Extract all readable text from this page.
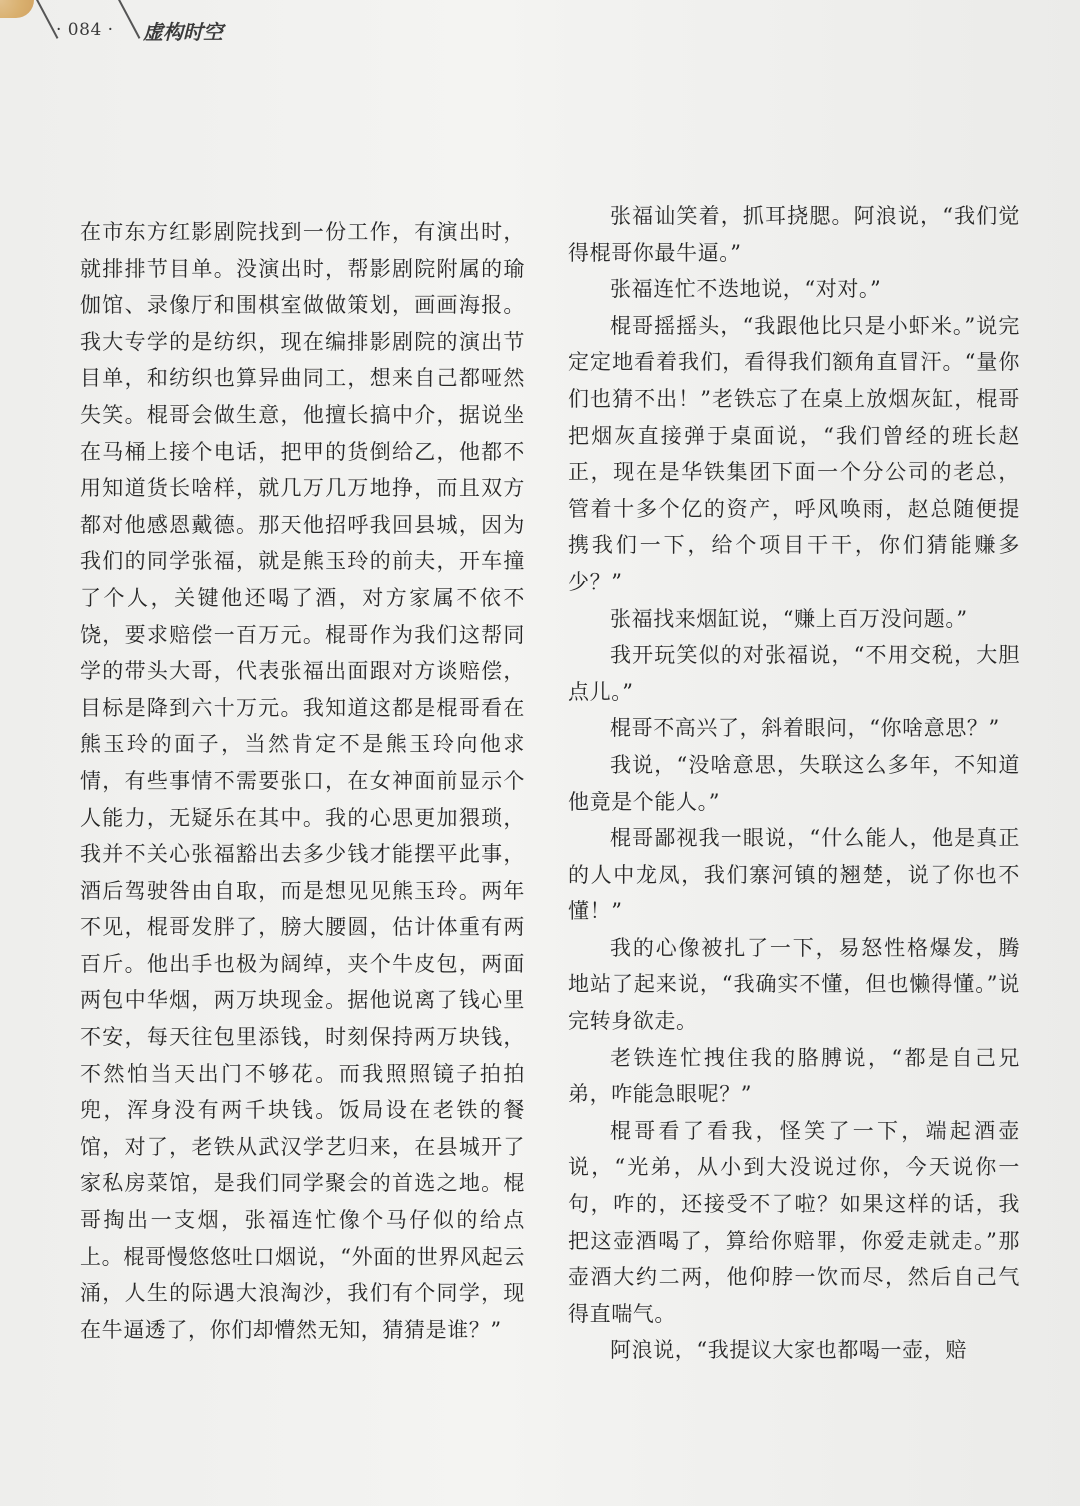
· 084 · 虚构时空

在市东方红影剧院找到一份工作，有演出时，就排排节目单。没演出时，帮影剧院附属的瑜伽馆、录像厅和围棋室做做策划，画画海报。我大专学的是纺织，现在编排影剧院的演出节目单，和纺织也算异曲同工，想来自己都哑然失笑。棍哥会做生意，他擅长搞中介，据说坐在马桶上接个电话，把甲的货倒给乙，他都不用知道货长啥样，就几万几万地挣，而且双方都对他感恩戴德。那天他招呼我回县城，因为我们的同学张福，就是熊玉玲的前夫，开车撞了个人，关键他还喝了酒，对方家属不依不饶，要求赔偿一百万元。棍哥作为我们这帮同学的带头大哥，代表张福出面跟对方谈赔偿，目标是降到六十万元。我知道这都是棍哥看在熊玉玲的面子，当然肯定不是熊玉玲向他求情，有些事情不需要张口，在女神面前显示个人能力，无疑乐在其中。我的心思更加猥琐，我并不关心张福豁出去多少钱才能摆平此事，酒后驾驶咎由自取，而是想见见熊玉玲。两年不见，棍哥发胖了，膀大腰圆，估计体重有两百斤。他出手也极为阔绰，夹个牛皮包，两面两包中华烟，两万块现金。据他说离了钱心里不安，每天往包里添钱，时刻保持两万块钱，不然怕当天出门不够花。而我照照镜子拍拍兜，浑身没有两千块钱。饭局设在老铁的餐馆，对了，老铁从武汉学艺归来，在县城开了家私房菜馆，是我们同学聚会的首选之地。棍哥掏出一支烟，张福连忙像个马仔似的给点上。棍哥慢悠悠吐口烟说，“外面的世界风起云涌，人生的际遇大浪淘沙，我们有个同学，现在牛逼透了，你们却懵然无知，猜猜是谁？”

张福讪笑着，抓耳挠腮。阿浪说，“我们觉得棍哥你最牛逼。”

张福连忙不迭地说，“对对。”

棍哥摇摇头，“我跟他比只是小虾米。”说完定定地看着我们，看得我们额角直冒汗。“量你们也猜不出！”老铁忘了在桌上放烟灰缸，棍哥把烟灰直接弹于桌面说，“我们曾经的班长赵正，现在是华铁集团下面一个分公司的老总，管着十多个亿的资产，呼风唤雨，赵总随便提携我们一下，给个项目干干，你们猜能赚多少？”

张福找来烟缸说，“赚上百万没问题。”

我开玩笑似的对张福说，“不用交税，大胆点儿。”

棍哥不高兴了，斜着眼问，“你啥意思？”

我说，“没啥意思，失联这么多年，不知道他竟是个能人。”

棍哥鄙视我一眼说，“什么能人，他是真正的人中龙凤，我们寨河镇的翘楚，说了你也不懂！”

我的心像被扎了一下，易怒性格爆发，腾地站了起来说，“我确实不懂，但也懒得懂。”说完转身欲走。

老铁连忙拽住我的胳膊说，“都是自己兄弟，咋能急眼呢？”

棍哥看了看我，怪笑了一下，端起酒壶说，“光弟，从小到大没说过你，今天说你一句，咋的，还接受不了啦？如果这样的话，我把这壶酒喝了，算给你赔罪，你爱走就走。”那壶酒大约二两，他仰脖一饮而尽，然后自己气得直喘气。

阿浪说，“我提议大家也都喝一壶，赔
